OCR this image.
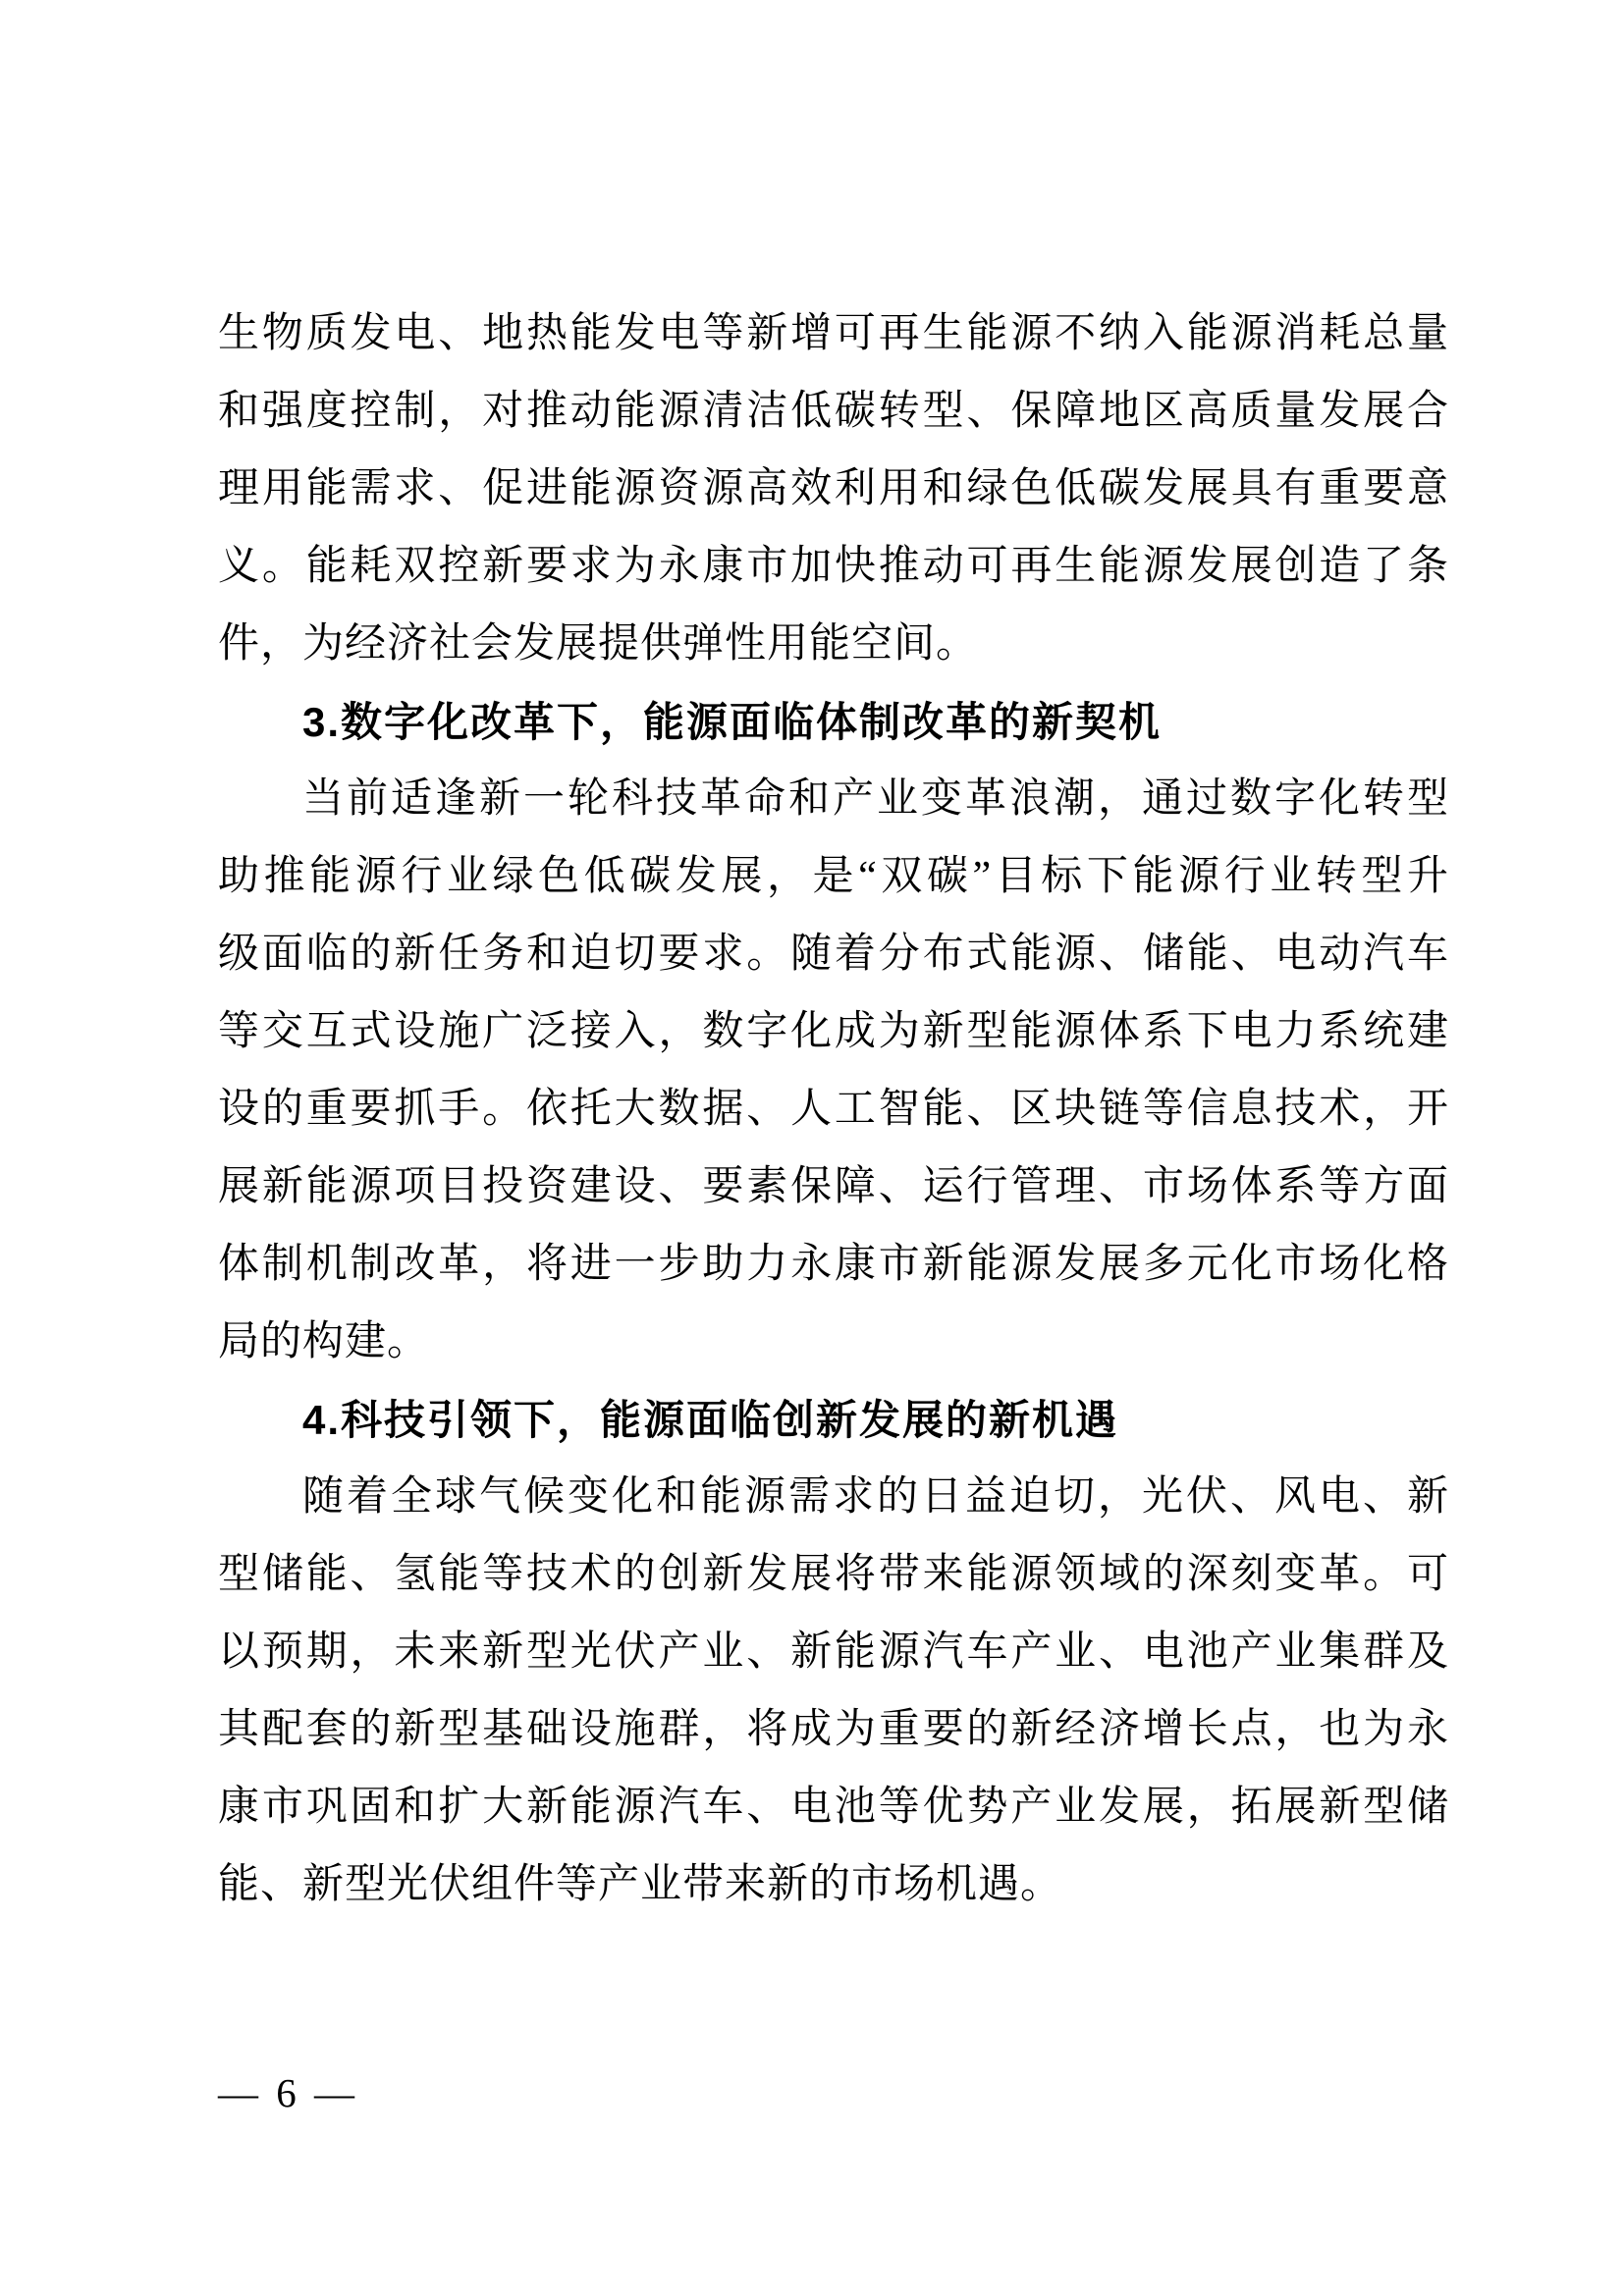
生物质发电、地热能发电等新增可再生能源不纳入能源消耗总量
和强度控制，对推动能源清洁低碳转型、保障地区高质量发展合
理用能需求、促进能源资源高效利用和绿色低碳发展具有重要意
义。能耗双控新要求为永康市加快推动可再生能源发展创造了条
件，为经济社会发展提供弹性用能空间。
3.数字化改革下，能源面临体制改革的新契机
当前适逢新一轮科技革命和产业变革浪潮，通过数字化转型
助推能源行业绿色低碳发展，是“双碳”目标下能源行业转型升
级面临的新任务和迫切要求。随着分布式能源、储能、电动汽车
等交互式设施广泛接入，数字化成为新型能源体系下电力系统建
设的重要抓手。依托大数据、人工智能、区块链等信息技术，开
展新能源项目投资建设、要素保障、运行管理、市场体系等方面
体制机制改革，将进一步助力永康市新能源发展多元化市场化格
局的构建。
4.科技引领下，能源面临创新发展的新机遇
随着全球气候变化和能源需求的日益迫切，光伏、风电、新
型储能、氢能等技术的创新发展将带来能源领域的深刻变革。可
以预期，未来新型光伏产业、新能源汽车产业、电池产业集群及
其配套的新型基础设施群，将成为重要的新经济增长点，也为永
康市巩固和扩大新能源汽车、电池等优势产业发展，拓展新型储
能、新型光伏组件等产业带来新的市场机遇。
— 6 —
